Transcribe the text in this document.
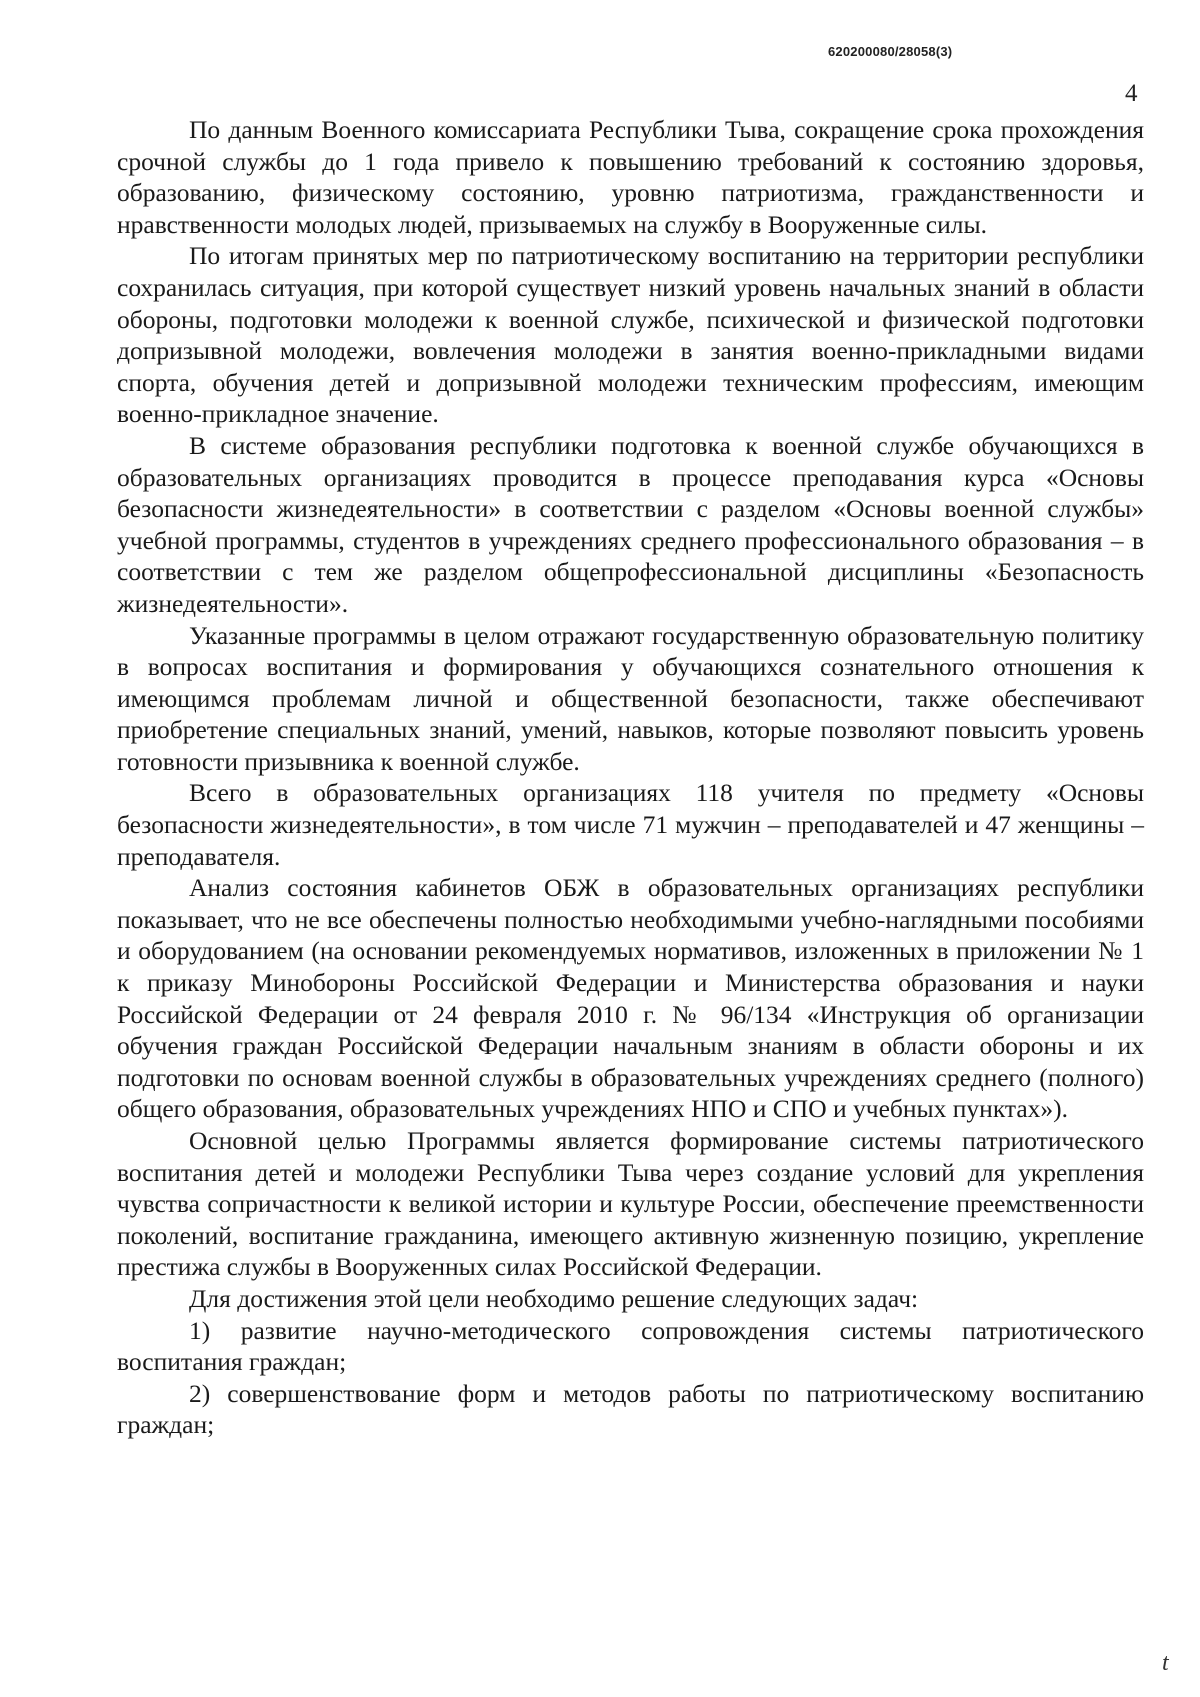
620200080/28058(3)
4

По данным Военного комиссариата Республики Тыва, сокращение срока прохождения срочной службы до 1 года привело к повышению требований к состоянию здоровья, образованию, физическому состоянию, уровню патриотизма, гражданственности и нравственности молодых людей, призываемых на службу в Вооруженные силы.

По итогам принятых мер по патриотическому воспитанию на территории республики сохранилась ситуация, при которой существует низкий уровень начальных знаний в области обороны, подготовки молодежи к военной службе, психической и физической подготовки допризывной молодежи, вовлечения молодежи в занятия военно-прикладными видами спорта, обучения детей и допризывной молодежи техническим профессиям, имеющим военно-прикладное значение.

В системе образования республики подготовка к военной службе обучающихся в образовательных организациях проводится в процессе преподавания курса «Основы безопасности жизнедеятельности» в соответствии с разделом «Основы военной службы» учебной программы, студентов в учреждениях среднего профессионального образования – в соответствии с тем же разделом общепрофессиональной дисциплины «Безопасность жизнедеятельности».

Указанные программы в целом отражают государственную образовательную политику в вопросах воспитания и формирования у обучающихся сознательного отношения к имеющимся проблемам личной и общественной безопасности, также обеспечивают приобретение специальных знаний, умений, навыков, которые позволяют повысить уровень готовности призывника к военной службе.

Всего в образовательных организациях 118 учителя по предмету «Основы безопасности жизнедеятельности», в том числе 71 мужчин – преподавателей и 47 женщины – преподавателя.

Анализ состояния кабинетов ОБЖ в образовательных организациях республики показывает, что не все обеспечены полностью необходимыми учебно-наглядными пособиями и оборудованием (на основании рекомендуемых нормативов, изложенных в приложении № 1 к приказу Минобороны Российской Федерации и Министерства образования и науки Российской Федерации от 24 февраля 2010 г. № 96/134 «Инструкция об организации обучения граждан Российской Федерации начальным знаниям в области обороны и их подготовки по основам военной службы в образовательных учреждениях среднего (полного) общего образования, образовательных учреждениях НПО и СПО и учебных пунктах»).

Основной целью Программы является формирование системы патриотического воспитания детей и молодежи Республики Тыва через создание условий для укрепления чувства сопричастности к великой истории и культуре России, обеспечение преемственности поколений, воспитание гражданина, имеющего активную жизненную позицию, укрепление престижа службы в Вооруженных силах Российской Федерации.

Для достижения этой цели необходимо решение следующих задач:

1) развитие научно-методического сопровождения системы патриотического воспитания граждан;

2) совершенствование форм и методов работы по патриотическому воспитанию граждан;

t
